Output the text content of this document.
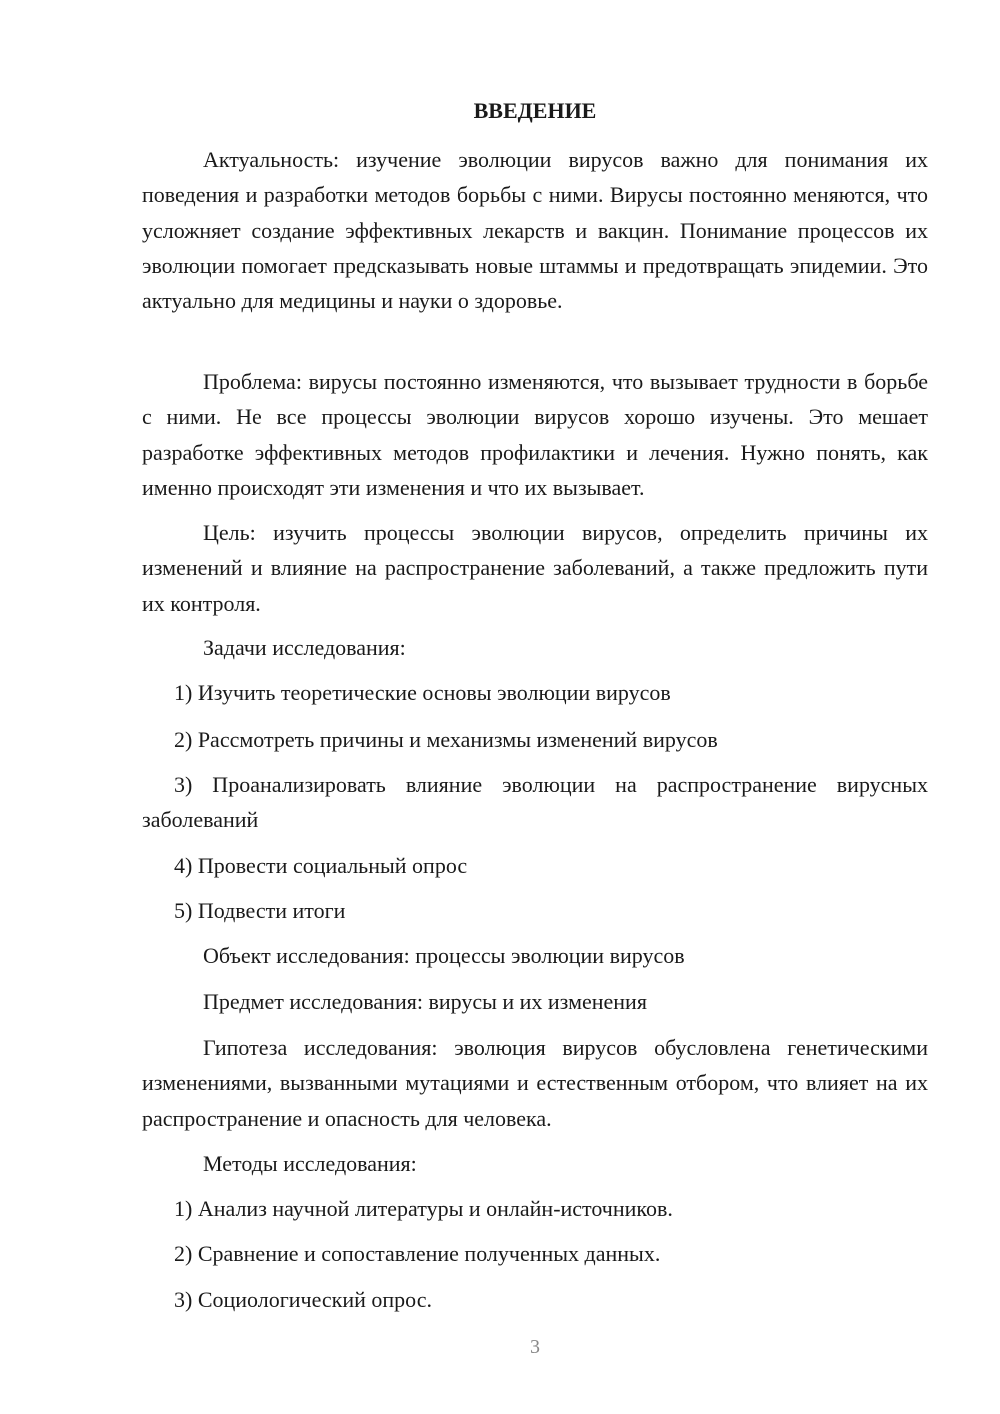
ВВЕДЕНИЕ

Актуальность: изучение эволюции вирусов важно для понимания их поведения и разработки методов борьбы с ними. Вирусы постоянно меняются, что усложняет создание эффективных лекарств и вакцин. Понимание процессов их эволюции помогает предсказывать новые штаммы и предотвращать эпидемии. Это актуально для медицины и науки о здоровье.

Проблема: вирусы постоянно изменяются, что вызывает трудности в борьбе с ними. Не все процессы эволюции вирусов хорошо изучены. Это мешает разработке эффективных методов профилактики и лечения. Нужно понять, как именно происходят эти изменения и что их вызывает.

Цель: изучить процессы эволюции вирусов, определить причины их изменений и влияние на распространение заболеваний, а также предложить пути их контроля.

Задачи исследования:

1) Изучить теоретические основы эволюции вирусов

2) Рассмотреть причины и механизмы изменений вирусов

3) Проанализировать влияние эволюции на распространение вирусных заболеваний

4) Провести социальный опрос

5) Подвести итоги

Объект исследования: процессы эволюции вирусов

Предмет исследования: вирусы и их изменения

Гипотеза исследования: эволюция вирусов обусловлена генетическими изменениями, вызванными мутациями и естественным отбором, что влияет на их распространение и опасность для человека.

Методы исследования:

1) Анализ научной литературы и онлайн-источников.

2) Сравнение и сопоставление полученных данных.

3) Социологический опрос.

3
